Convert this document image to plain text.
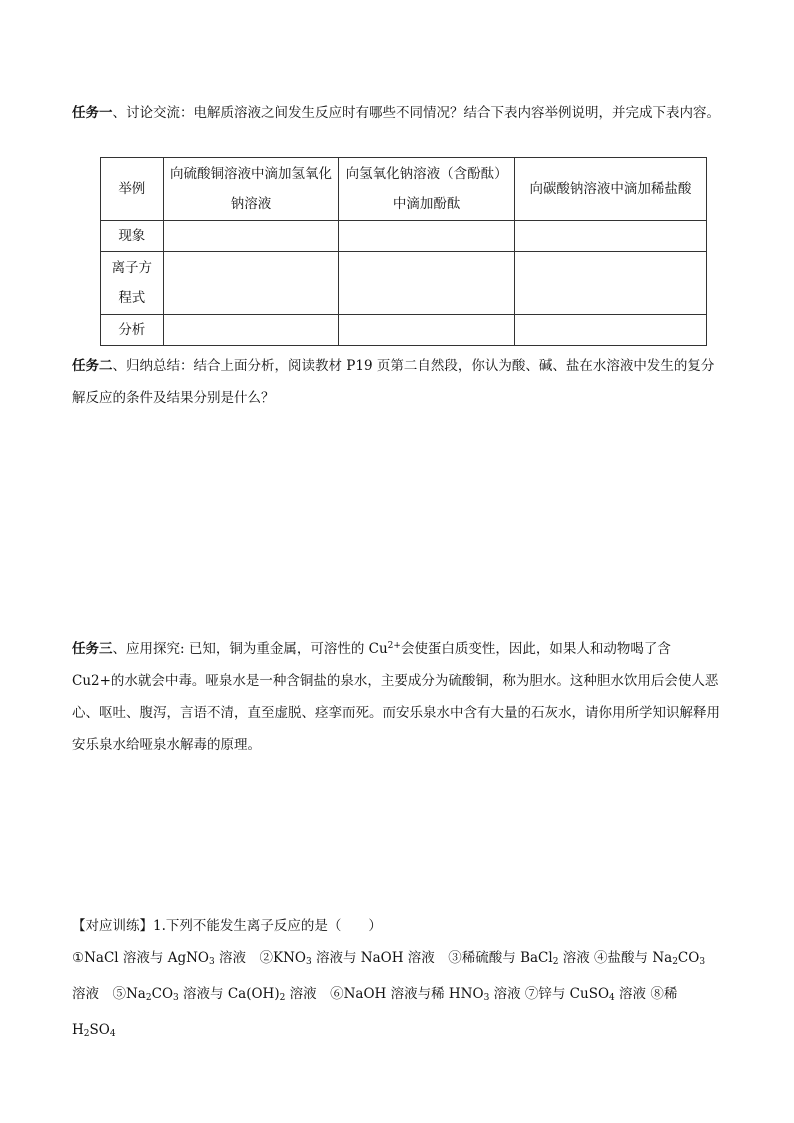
任务一、讨论交流：电解质溶液之间发生反应时有哪些不同情况？结合下表内容举例说明，并完成下表内容。

举例	向硫酸铜溶液中滴加氢氧化钠溶液	向氢氧化钠溶液（含酚酞）中滴加酚酞	向碳酸钠溶液中滴加稀盐酸
现象			
离子方程式			
分析			

任务二、归纳总结：结合上面分析，阅读教材 P19 页第二自然段，你认为酸、碱、盐在水溶液中发生的复分解反应的条件及结果分别是什么？

任务三、应用探究: 已知，铜为重金属，可溶性的 $Cu^{2+}$会使蛋白质变性，因此，如果人和动物喝了含 Cu2+的水就会中毒。哑泉水是一种含铜盐的泉水，主要成分为硫酸铜，称为胆水。这种胆水饮用后会使人恶心、呕吐、腹泻，言语不清，直至虚脱、痉挛而死。而安乐泉水中含有大量的石灰水，请你用所学知识解释用安乐泉水给哑泉水解毒的原理。

【对应训练】1.下列不能发生离子反应的是（　　）

①NaCl 溶液与 AgNO$_3$ 溶液　 $②KNO_3$ 溶液与 NaOH 溶液　 ③稀硫酸与 BaCl$_2$ 溶液 ④盐酸与 $Na_2CO_3$ 溶液　 $⑤Na_2CO_3$ 溶液与 $Ca(OH)_2$ 溶液　 ⑥NaOH 溶液与稀 $HNO_3$ 溶液 ⑦锌与 CuSO$_4$ 溶液 ⑧稀 $H_2SO_4$
